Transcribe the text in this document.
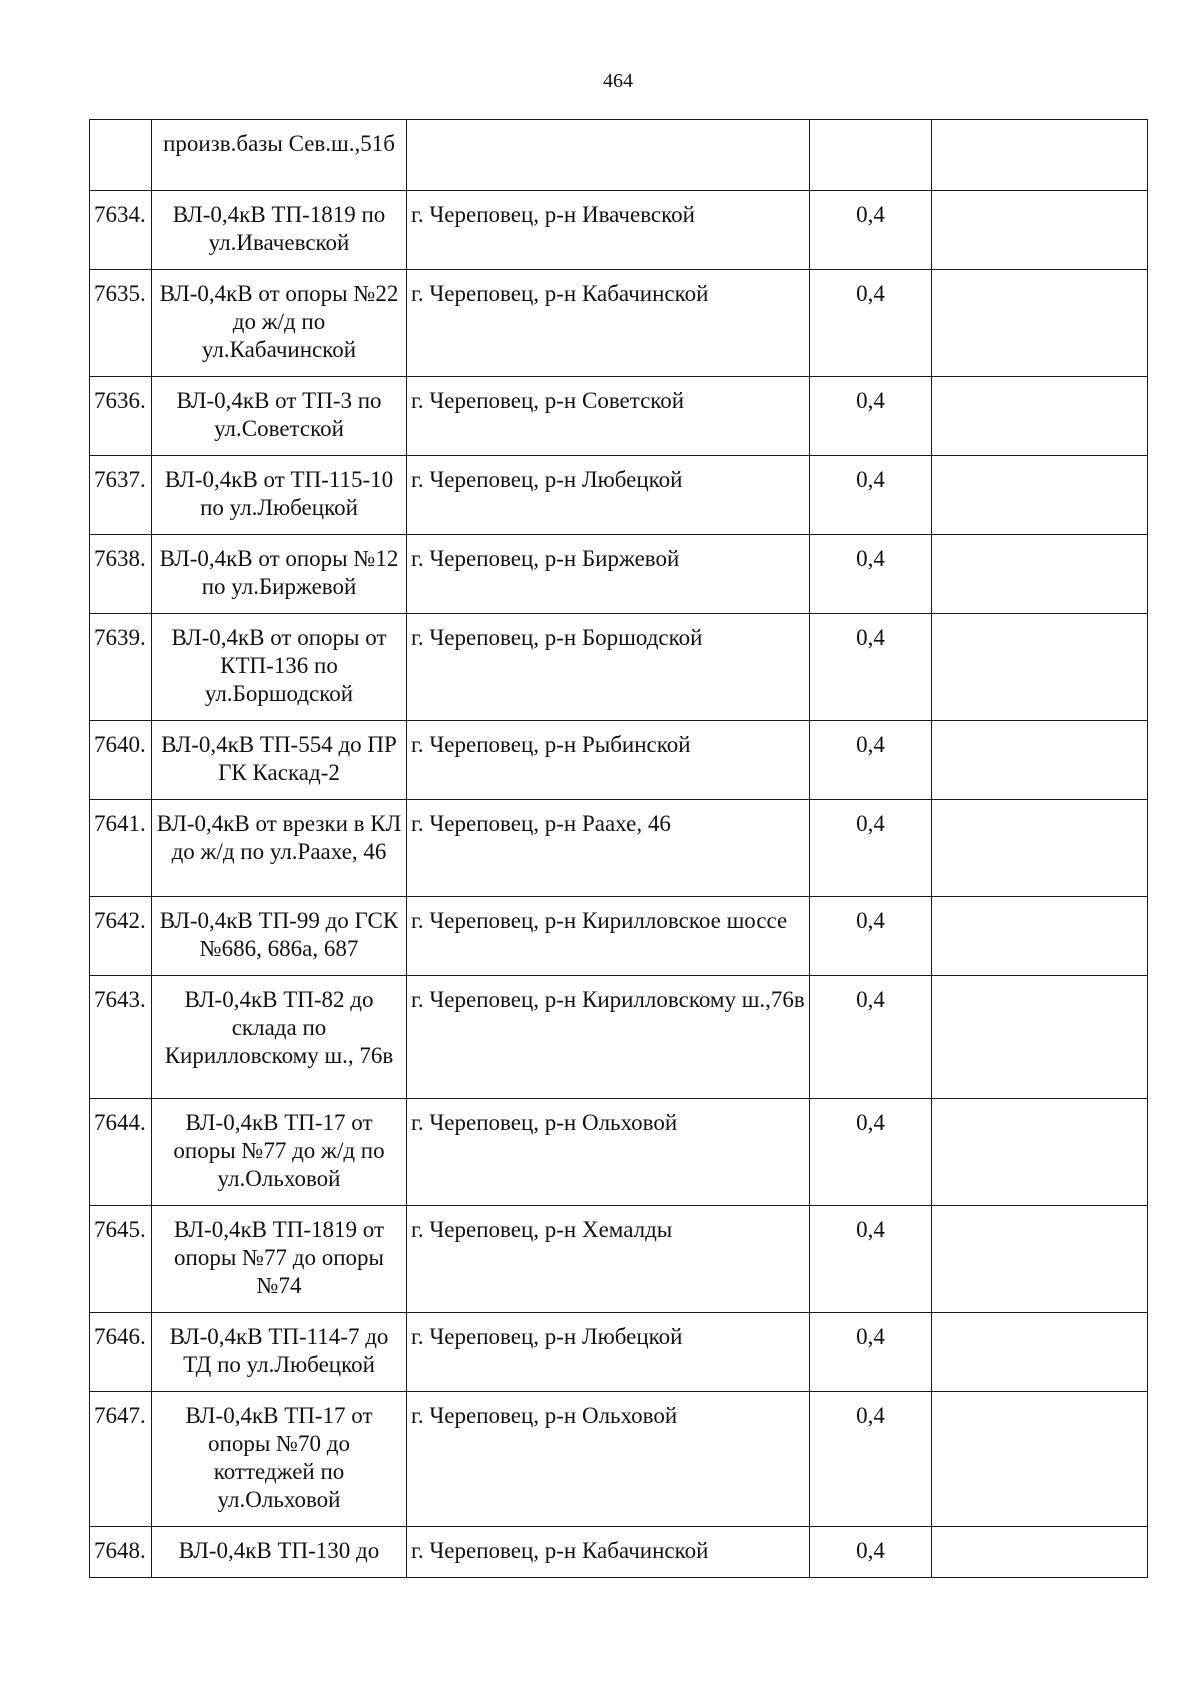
464
	произв.базы Сев.ш.,51б			
7634.	ВЛ-0,4кВ ТП-1819 по ул.Ивачевской	г. Череповец, р-н Ивачевской	0,4	
7635.	ВЛ-0,4кВ от опоры №22 до ж/д по ул.Кабачинской	г. Череповец, р-н Кабачинской	0,4	
7636.	ВЛ-0,4кВ от ТП-3 по ул.Советской	г. Череповец, р-н Советской	0,4	
7637.	ВЛ-0,4кВ от ТП-115-10 по ул.Любецкой	г. Череповец, р-н Любецкой	0,4	
7638.	ВЛ-0,4кВ от опоры №12 по ул.Биржевой	г. Череповец, р-н Биржевой	0,4	
7639.	ВЛ-0,4кВ от опоры от КТП-136 по ул.Боршодской	г. Череповец, р-н Боршодской	0,4	
7640.	ВЛ-0,4кВ ТП-554 до ПР ГК Каскад-2	г. Череповец, р-н Рыбинской	0,4	
7641.	ВЛ-0,4кВ от врезки в КЛ до ж/д по ул.Раахе, 46	г. Череповец, р-н Раахе, 46	0,4	
7642.	ВЛ-0,4кВ ТП-99 до ГСК №686, 686а, 687	г. Череповец, р-н Кирилловское шоссе	0,4	
7643.	ВЛ-0,4кВ ТП-82 до склада по Кирилловскому ш., 76в	г. Череповец, р-н Кирилловскому ш.,76в	0,4	
7644.	ВЛ-0,4кВ ТП-17 от опоры №77 до ж/д по ул.Ольховой	г. Череповец, р-н Ольховой	0,4	
7645.	ВЛ-0,4кВ ТП-1819 от опоры №77 до опоры №74	г. Череповец, р-н Хемалды	0,4	
7646.	ВЛ-0,4кВ ТП-114-7 до ТД по ул.Любецкой	г. Череповец, р-н Любецкой	0,4	
7647.	ВЛ-0,4кВ ТП-17 от опоры №70 до коттеджей по ул.Ольховой	г. Череповец, р-н Ольховой	0,4	
7648.	ВЛ-0,4кВ ТП-130 до	г. Череповец, р-н Кабачинской	0,4	
